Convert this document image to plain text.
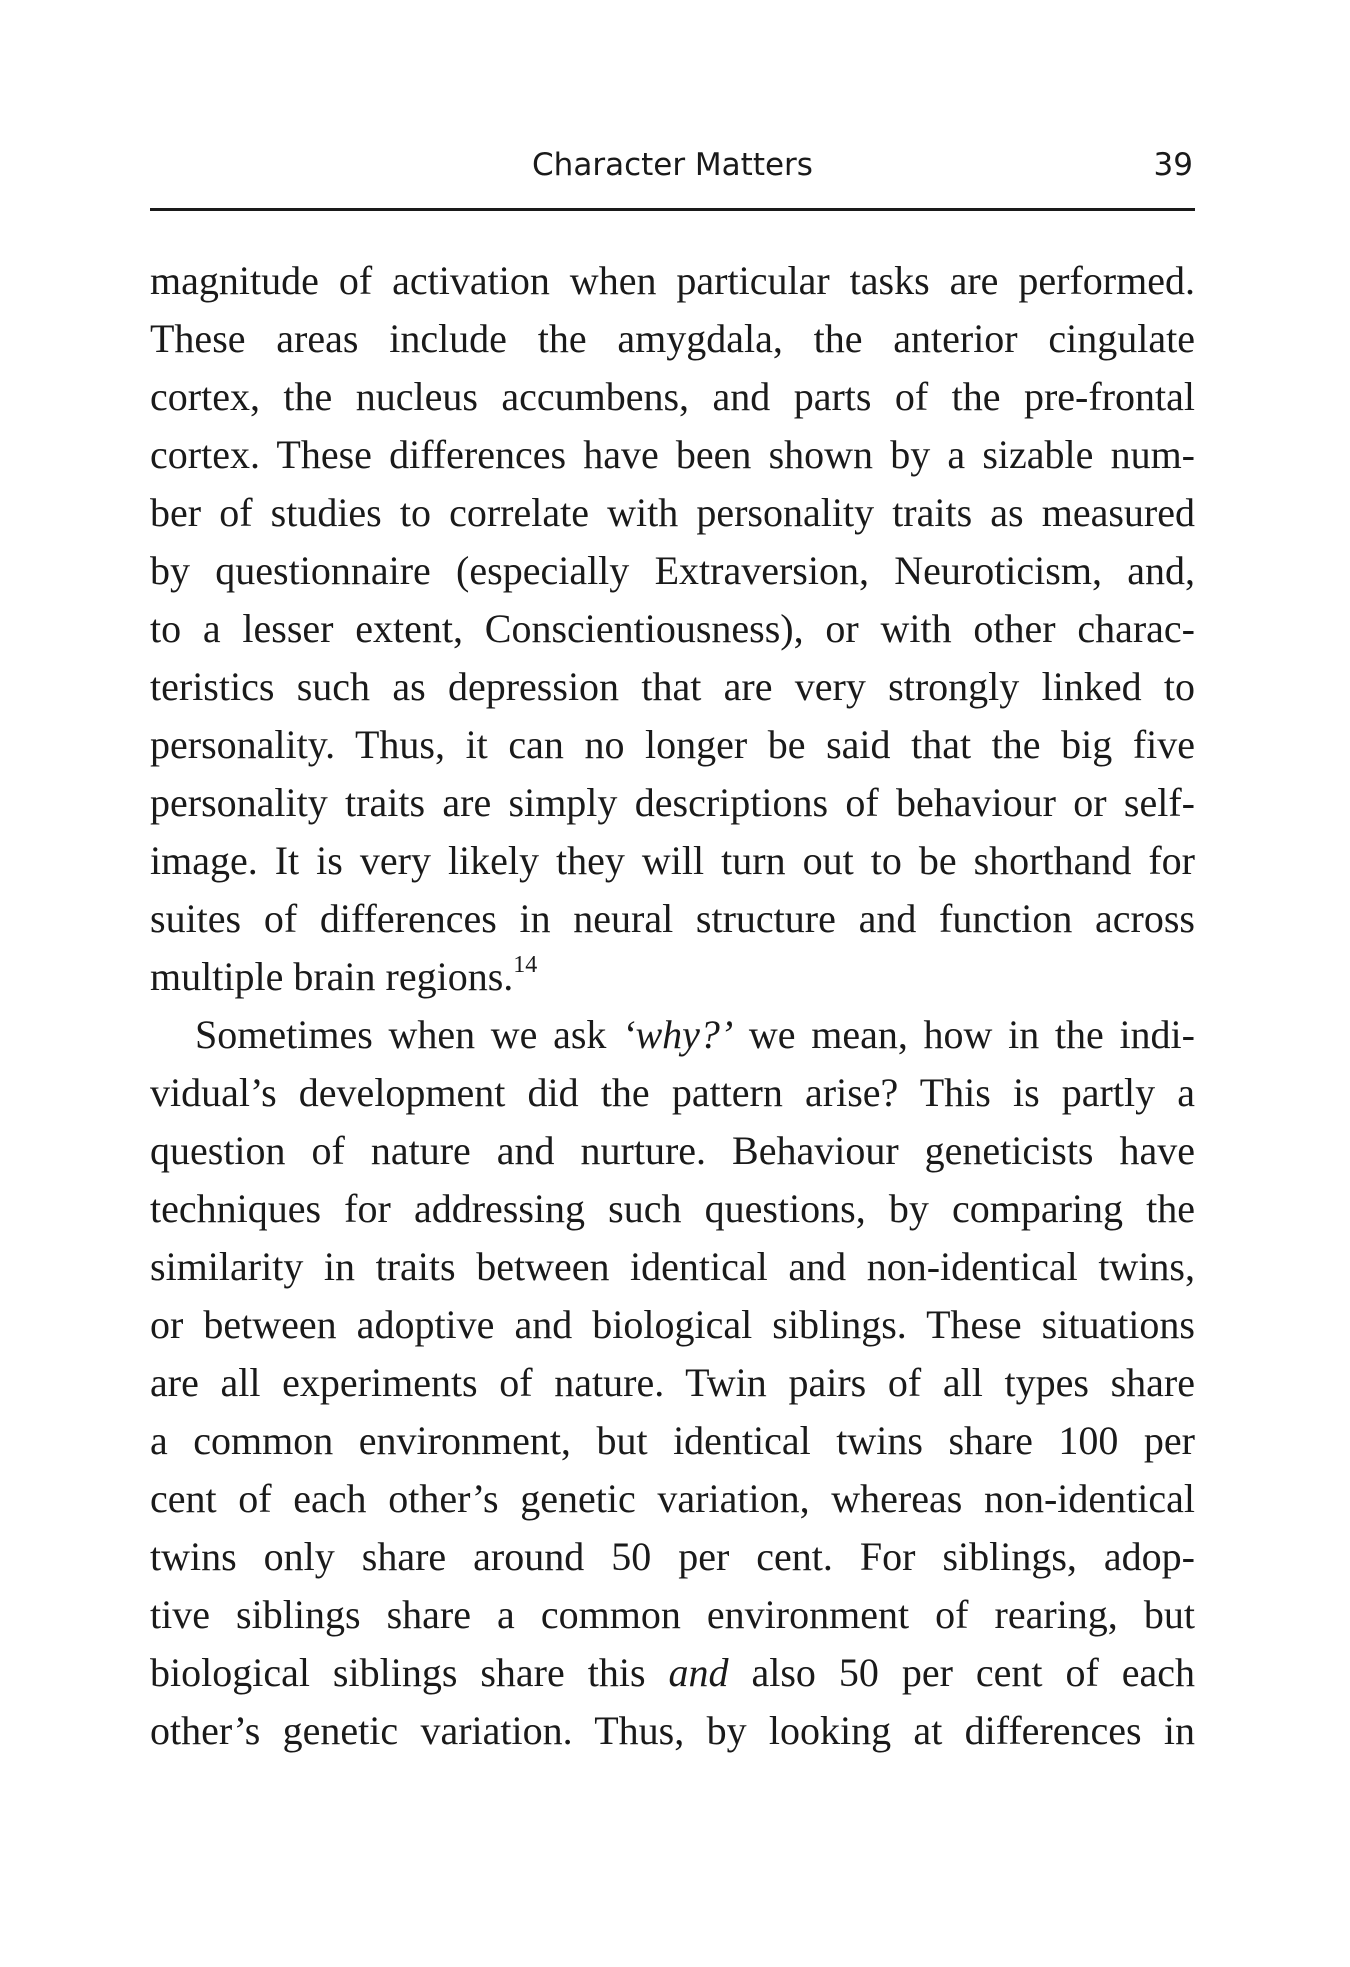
Character Matters	39
magnitude of activation when particular tasks are performed.
These areas include the amygdala, the anterior cingulate
cortex, the nucleus accumbens, and parts of the pre-frontal
cortex. These differences have been shown by a sizable num-
ber of studies to correlate with personality traits as measured
by questionnaire (especially Extraversion, Neuroticism, and,
to a lesser extent, Conscientiousness), or with other charac-
teristics such as depression that are very strongly linked to
personality. Thus, it can no longer be said that the big five
personality traits are simply descriptions of behaviour or self-
image. It is very likely they will turn out to be shorthand for
suites of differences in neural structure and function across
multiple brain regions.$^{14}$
Sometimes when we ask ‘why?’ we mean, how in the indi-
vidual’s development did the pattern arise? This is partly a
question of nature and nurture. Behaviour geneticists have
techniques for addressing such questions, by comparing the
similarity in traits between identical and non-identical twins,
or between adoptive and biological siblings. These situations
are all experiments of nature. Twin pairs of all types share
a common environment, but identical twins share 100 per
cent of each other’s genetic variation, whereas non-identical
twins only share around 50 per cent. For siblings, adop-
tive siblings share a common environment of rearing, but
biological siblings share this and also 50 per cent of each
other’s genetic variation. Thus, by looking at differences in
